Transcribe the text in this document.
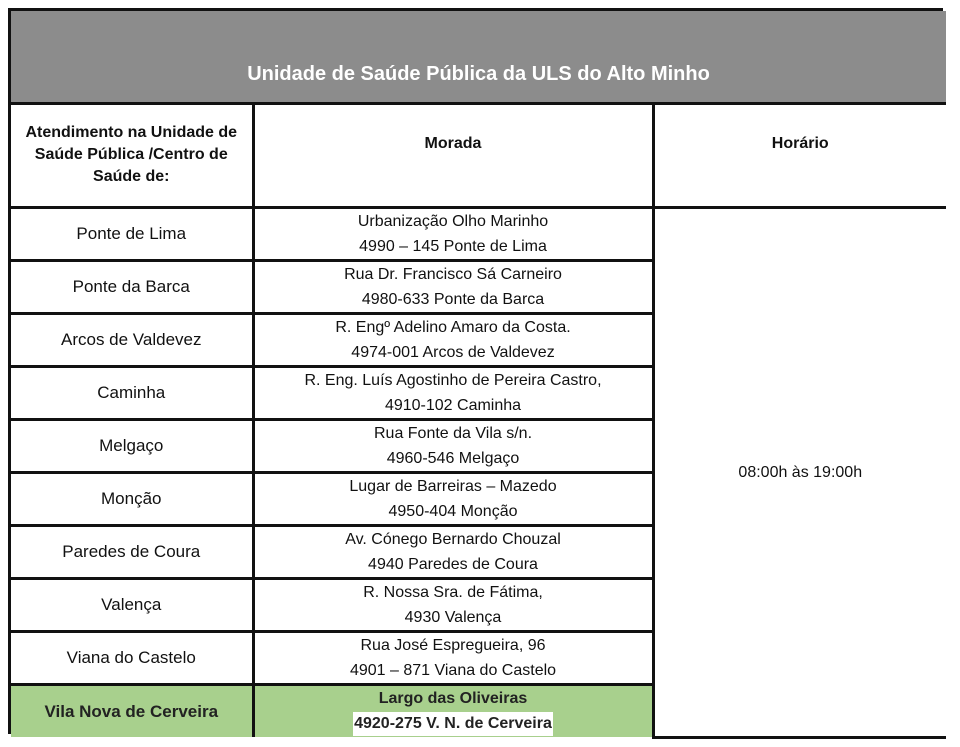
Unidade de Saúde Pública da ULS do Alto Minho		
Atendimento na Unidade de Saúde Pública /Centro de Saúde de:	Morada	Horário
Ponte de Lima	Urbanização Olho Marinho
4990 – 145 Ponte de Lima	08:00h às 19:00h
Ponte da Barca	Rua Dr. Francisco Sá Carneiro
4980-633 Ponte da Barca	

Arcos de Valdevez	R. Engº Adelino Amaro da Costa.
4974-001 Arcos de Valdevez	

Caminha	R. Eng. Luís Agostinho de Pereira Castro,
4910-102 Caminha	

Melgaço	Rua Fonte da Vila s/n.
4960-546 Melgaço	

Monção	Lugar de Barreiras – Mazedo
4950-404 Monção	

Paredes de Coura	Av. Cónego Bernardo Chouzal
4940 Paredes de Coura	

Valença	R. Nossa Sra. de Fátima,
4930 Valença	

Viana do Castelo	Rua José Espregueira, 96
4901 – 871 Viana do Castelo	

Vila Nova de Cerveira	Largo das Oliveiras
4920-275 V. N. de Cerveira	
